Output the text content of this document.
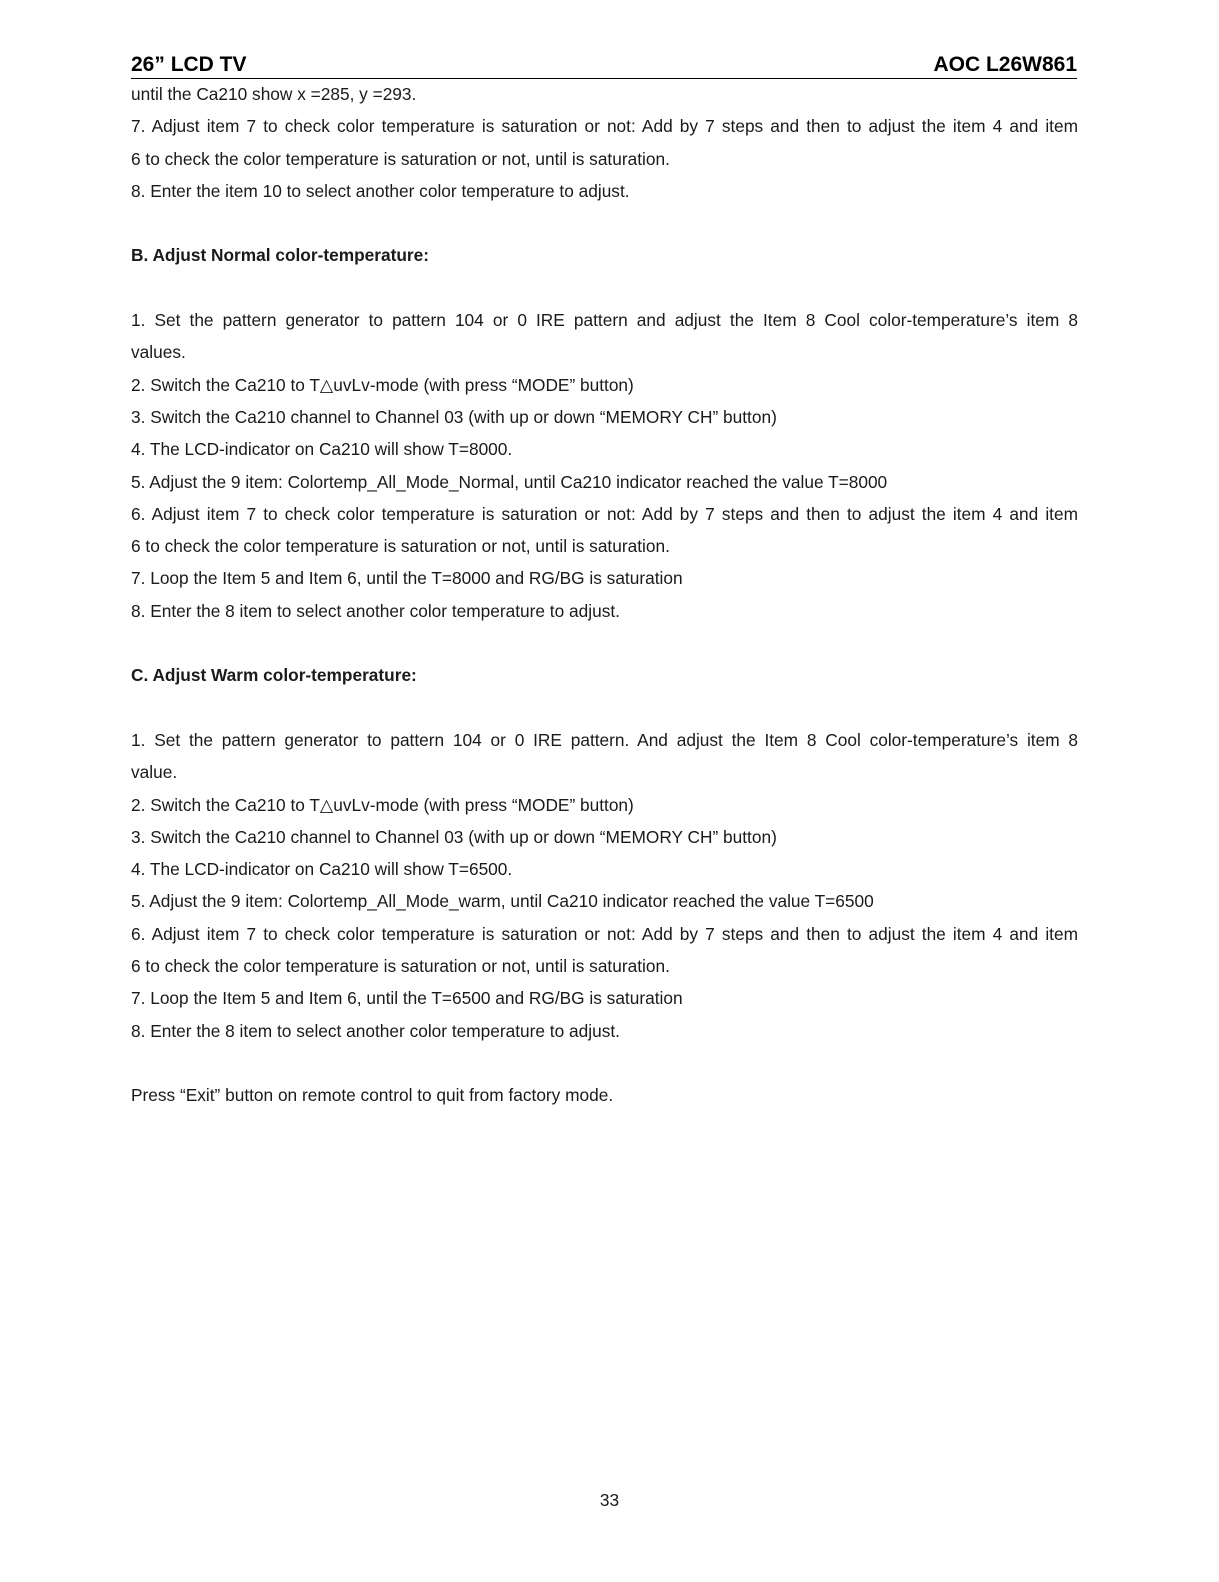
26” LCD TV	AOC L26W861
until the Ca210 show x =285, y =293.
7. Adjust item 7 to check color temperature is saturation or not: Add by 7 steps and then to adjust the item 4 and item
6 to check the color temperature is saturation or not, until is saturation.
8. Enter the item 10 to select another color temperature to adjust.
B. Adjust Normal color-temperature:
1. Set the pattern generator to pattern 104 or 0 IRE pattern and adjust the Item 8 Cool color-temperature’s item 8
values.
2. Switch the Ca210 to T△uvLv-mode (with press “MODE” button)
3. Switch the Ca210 channel to Channel 03 (with up or down “MEMORY CH” button)
4. The LCD-indicator on Ca210 will show T=8000.
5. Adjust the 9 item: Colortemp_All_Mode_Normal, until Ca210 indicator reached the value T=8000
6. Adjust item 7 to check color temperature is saturation or not: Add by 7 steps and then to adjust the item 4 and item
6 to check the color temperature is saturation or not, until is saturation.
7. Loop the Item 5 and Item 6, until the T=8000 and RG/BG is saturation
8. Enter the 8 item to select another color temperature to adjust.
C. Adjust Warm color-temperature:
1. Set the pattern generator to pattern 104 or 0 IRE pattern. And adjust the Item 8 Cool color-temperature’s item 8
value.
2. Switch the Ca210 to T△uvLv-mode (with press “MODE” button)
3. Switch the Ca210 channel to Channel 03 (with up or down “MEMORY CH” button)
4. The LCD-indicator on Ca210 will show T=6500.
5. Adjust the 9 item: Colortemp_All_Mode_warm, until Ca210 indicator reached the value T=6500
6. Adjust item 7 to check color temperature is saturation or not: Add by 7 steps and then to adjust the item 4 and item
6 to check the color temperature is saturation or not, until is saturation.
7. Loop the Item 5 and Item 6, until the T=6500 and RG/BG is saturation
8. Enter the 8 item to select another color temperature to adjust.
Press “Exit” button on remote control to quit from factory mode.
33
